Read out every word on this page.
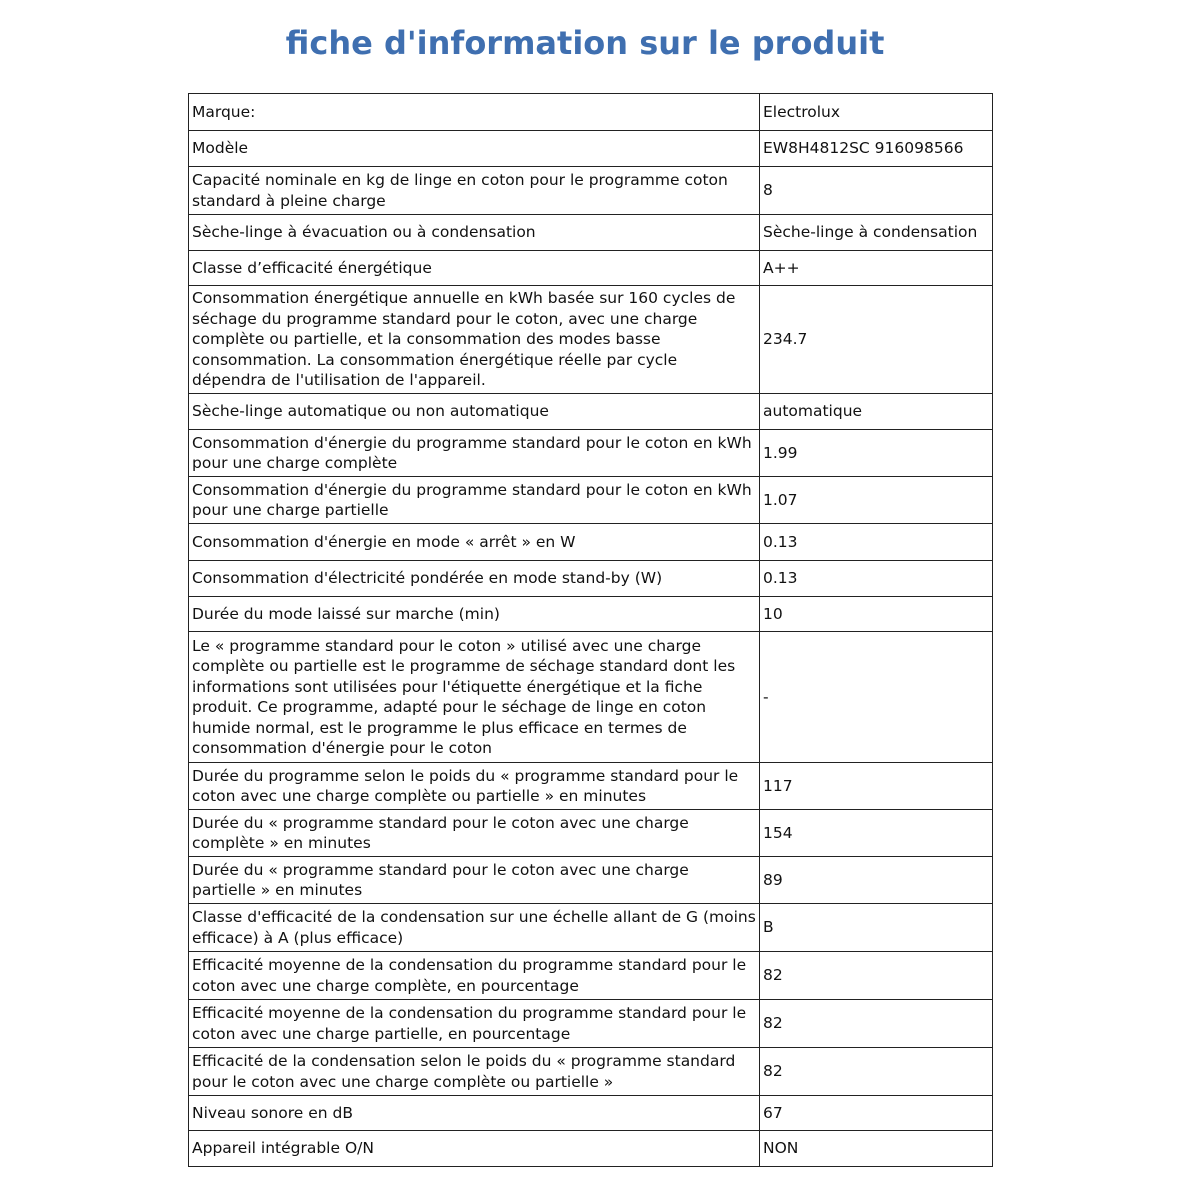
fiche d'information sur le produit
Marque:	Electrolux
Modèle	EW8H4812SC 916098566
Capacité nominale en kg de linge en coton pour le programme coton standard à pleine charge	8
Sèche-linge à évacuation ou à condensation	Sèche-linge à condensation
Classe d’efficacité énergétique	A++
Consommation énergétique annuelle en kWh basée sur 160 cycles de séchage du programme standard pour le coton, avec une charge complète ou partielle, et la consommation des modes basse consommation. La consommation énergétique réelle par cycle dépendra de l'utilisation de l'appareil.	234.7
Sèche-linge automatique ou non automatique	automatique
Consommation d'énergie du programme standard pour le coton en kWh pour une charge complète	1.99
Consommation d'énergie du programme standard pour le coton en kWh pour une charge partielle	1.07
Consommation d'énergie en mode « arrêt » en W	0.13
Consommation d'électricité pondérée en mode stand-by (W)	0.13
Durée du mode laissé sur marche (min)	10
Le « programme standard pour le coton » utilisé avec une charge complète ou partielle est le programme de séchage standard dont les informations sont utilisées pour l'étiquette énergétique et la fiche produit. Ce programme, adapté pour le séchage de linge en coton humide normal, est le programme le plus efficace en termes de consommation d'énergie pour le coton	-
Durée du programme selon le poids du « programme standard pour le coton avec une charge complète ou partielle » en minutes	117
Durée du « programme standard pour le coton avec une charge complète » en minutes	154
Durée du « programme standard pour le coton avec une charge partielle » en minutes	89
Classe d'efficacité de la condensation sur une échelle allant de G (moins efficace) à A (plus efficace)	B
Efficacité moyenne de la condensation du programme standard pour le coton avec une charge complète, en pourcentage	82
Efficacité moyenne de la condensation du programme standard pour le coton avec une charge partielle, en pourcentage	82
Efficacité de la condensation selon le poids du « programme standard pour le coton avec une charge complète ou partielle »	82
Niveau sonore en dB	67
Appareil intégrable O/N	NON
